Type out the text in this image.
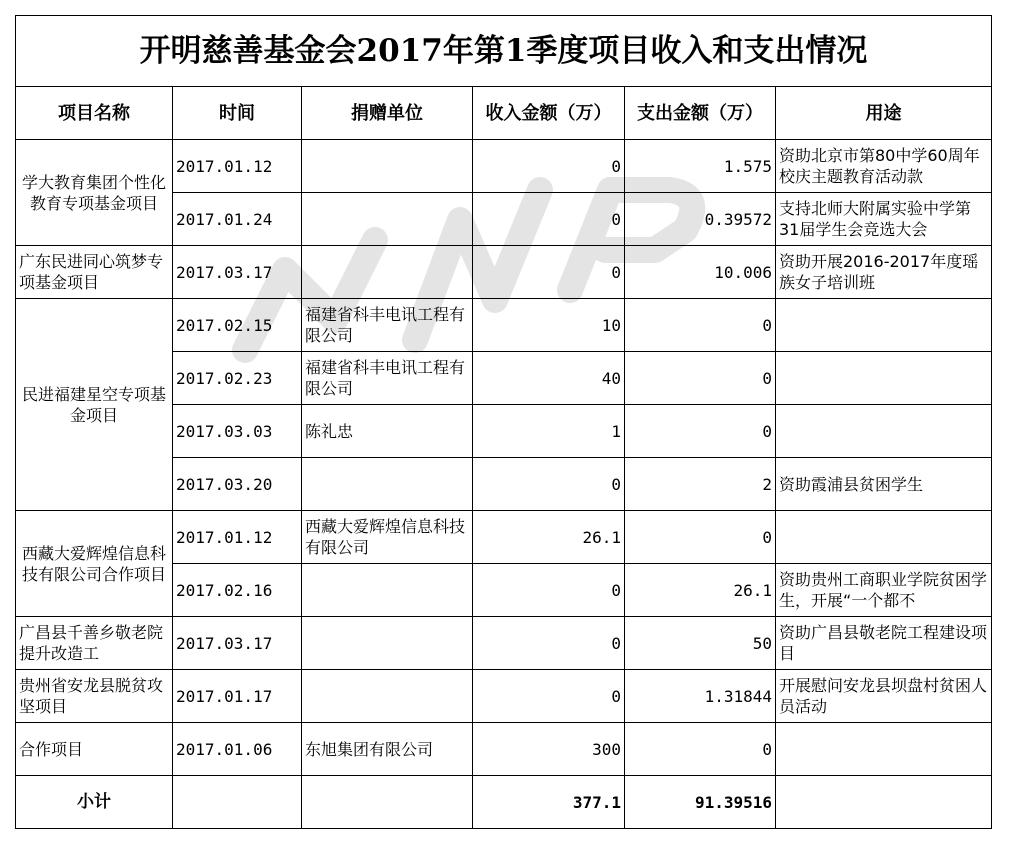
开明慈善基金会2017年第1季度项目收入和支出情况					
项目名称	时间	捐赠单位	收入金额（万）	支出金额（万）	用途
学大教育集团个性化教育专项基金项目	2017.01.12		0	1.575	资助北京市第80中学60周年校庆主题教育活动款
	2017.01.24		0	0.39572	支持北师大附属实验中学第31届学生会竞选大会
广东民进同心筑梦专项基金项目	2017.03.17		0	10.006	资助开展2016-2017年度瑶族女子培训班
民进福建星空专项基金项目	2017.02.15	福建省科丰电讯工程有限公司	10	0	
	2017.02.23	福建省科丰电讯工程有限公司	40	0	
	2017.03.03	陈礼忠	1	0	
	2017.03.20		0	2	资助霞浦县贫困学生
西藏大爱辉煌信息科技有限公司合作项目	2017.01.12	西藏大爱辉煌信息科技有限公司	26.1	0	
	2017.02.16		0	26.1	资助贵州工商职业学院贫困学生，开展“一个都不
广昌县千善乡敬老院提升改造工	2017.03.17		0	50	资助广昌县敬老院工程建设项目
贵州省安龙县脱贫攻坚项目	2017.01.17		0	1.31844	开展慰问安龙县坝盘村贫困人员活动
合作项目	2017.01.06	东旭集团有限公司	300	0	
小计			377.1	91.39516	
